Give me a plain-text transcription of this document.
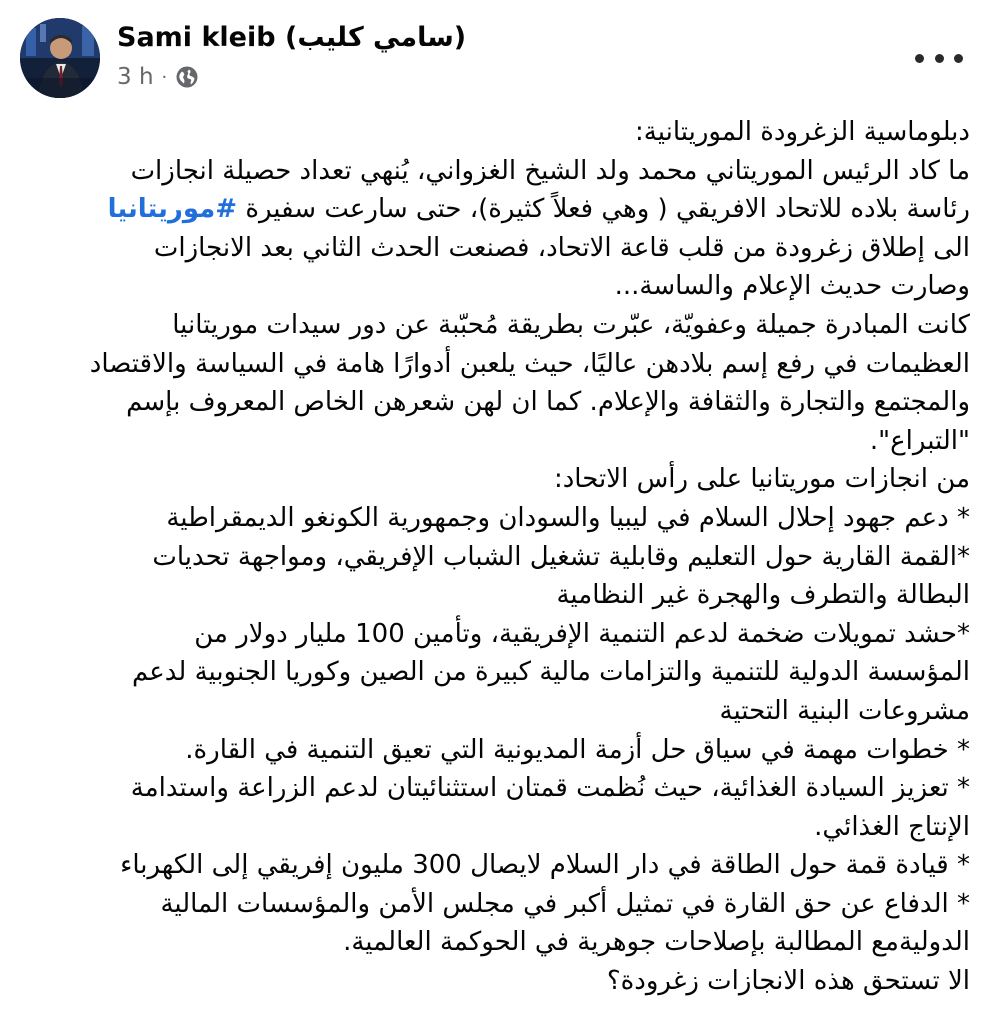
Sami kleib (سامي كليب)
3 h ·

دبلوماسية الزغرودة الموريتانية:

ما كاد الرئيس الموريتاني محمد ولد الشيخ الغزواني، يُنهي تعداد حصيلة انجازات

رئاسة بلاده للاتحاد الافريقي ( وهي فعلاً كثيرة)، حتى سارعت سفيرة #موريتانيا

الى إطلاق زغرودة من قلب قاعة الاتحاد، فصنعت الحدث الثاني بعد الانجازات

وصارت حديث الإعلام والساسة...

كانت المبادرة جميلة وعفويّة، عبّرت بطريقة مُحبّبة عن دور سيدات موريتانيا

العظيمات في رفع إسم بلادهن عاليًا، حيث يلعبن أدوارًا هامة في السياسة والاقتصاد

والمجتمع والتجارة والثقافة والإعلام. كما ان لهن شعرهن الخاص المعروف بإسم

"التبراع".

من انجازات موريتانيا على رأس الاتحاد:

* دعم جهود إحلال السلام في ليبيا والسودان وجمهورية الكونغو الديمقراطية

*القمة القارية حول التعليم وقابلية تشغيل الشباب الإفريقي، ومواجهة تحديات

البطالة والتطرف والهجرة غير النظامية

*حشد تمويلات ضخمة لدعم التنمية الإفريقية، وتأمين 100 مليار دولار من

المؤسسة الدولية للتنمية والتزامات مالية كبيرة من الصين وكوريا الجنوبية لدعم

مشروعات البنية التحتية

* خطوات مهمة في سياق حل أزمة المديونية التي تعيق التنمية في القارة.

* تعزيز السيادة الغذائية، حيث نُظمت قمتان استثنائيتان لدعم الزراعة واستدامة

الإنتاج الغذائي.

* قيادة قمة حول الطاقة في دار السلام لايصال 300 مليون إفريقي إلى الكهرباء

* الدفاع عن حق القارة في تمثيل أكبر في مجلس الأمن والمؤسسات المالية

الدوليةمع المطالبة بإصلاحات جوهرية في الحوكمة العالمية.

الا تستحق هذه الانجازات زغرودة؟
